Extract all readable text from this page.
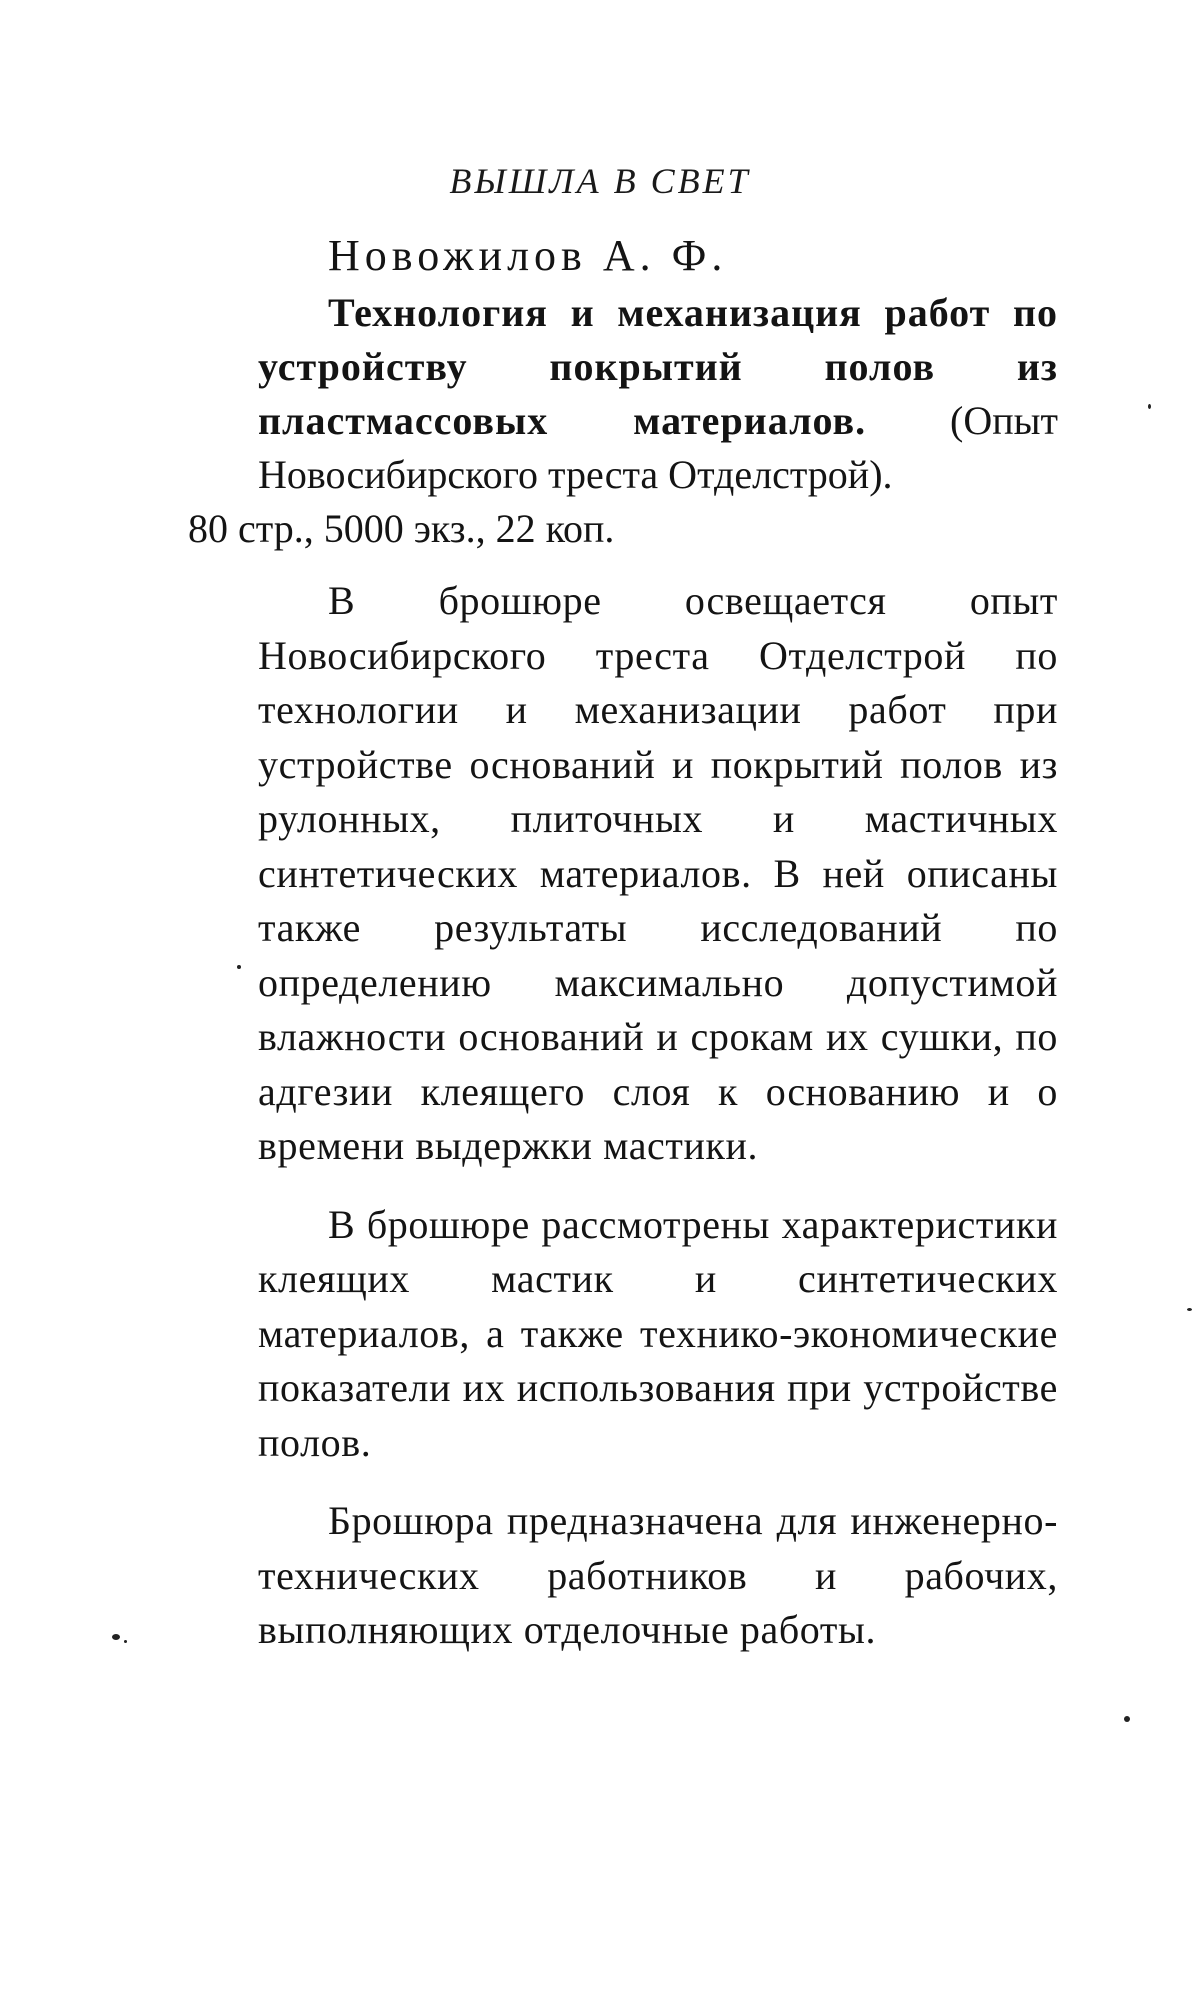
ВЫШЛА В СВЕТ
Новожилов А. Ф.

Технология и механизация работ по устройству покрытий полов из пластмассовых материалов. (Опыт Новосибирского треста Отделстрой).
80 стр., 5000 экз., 22 коп.

В брошюре освещается опыт Новосибирского треста Отделстрой по технологии и механизации работ при устройстве оснований и покрытий полов из рулонных, плиточных и мастичных синтетических материалов. В ней описаны также результаты исследований по определению максимально допустимой влажности оснований и срокам их сушки, по адгезии клеящего слоя к основанию и о времени выдержки мастики.

В брошюре рассмотрены характеристики клеящих мастик и синтетических материалов, а также технико-экономические показатели их использования при устройстве полов.

Брошюра предназначена для инженерно-технических работников и рабочих, выполняющих отделочные работы.
